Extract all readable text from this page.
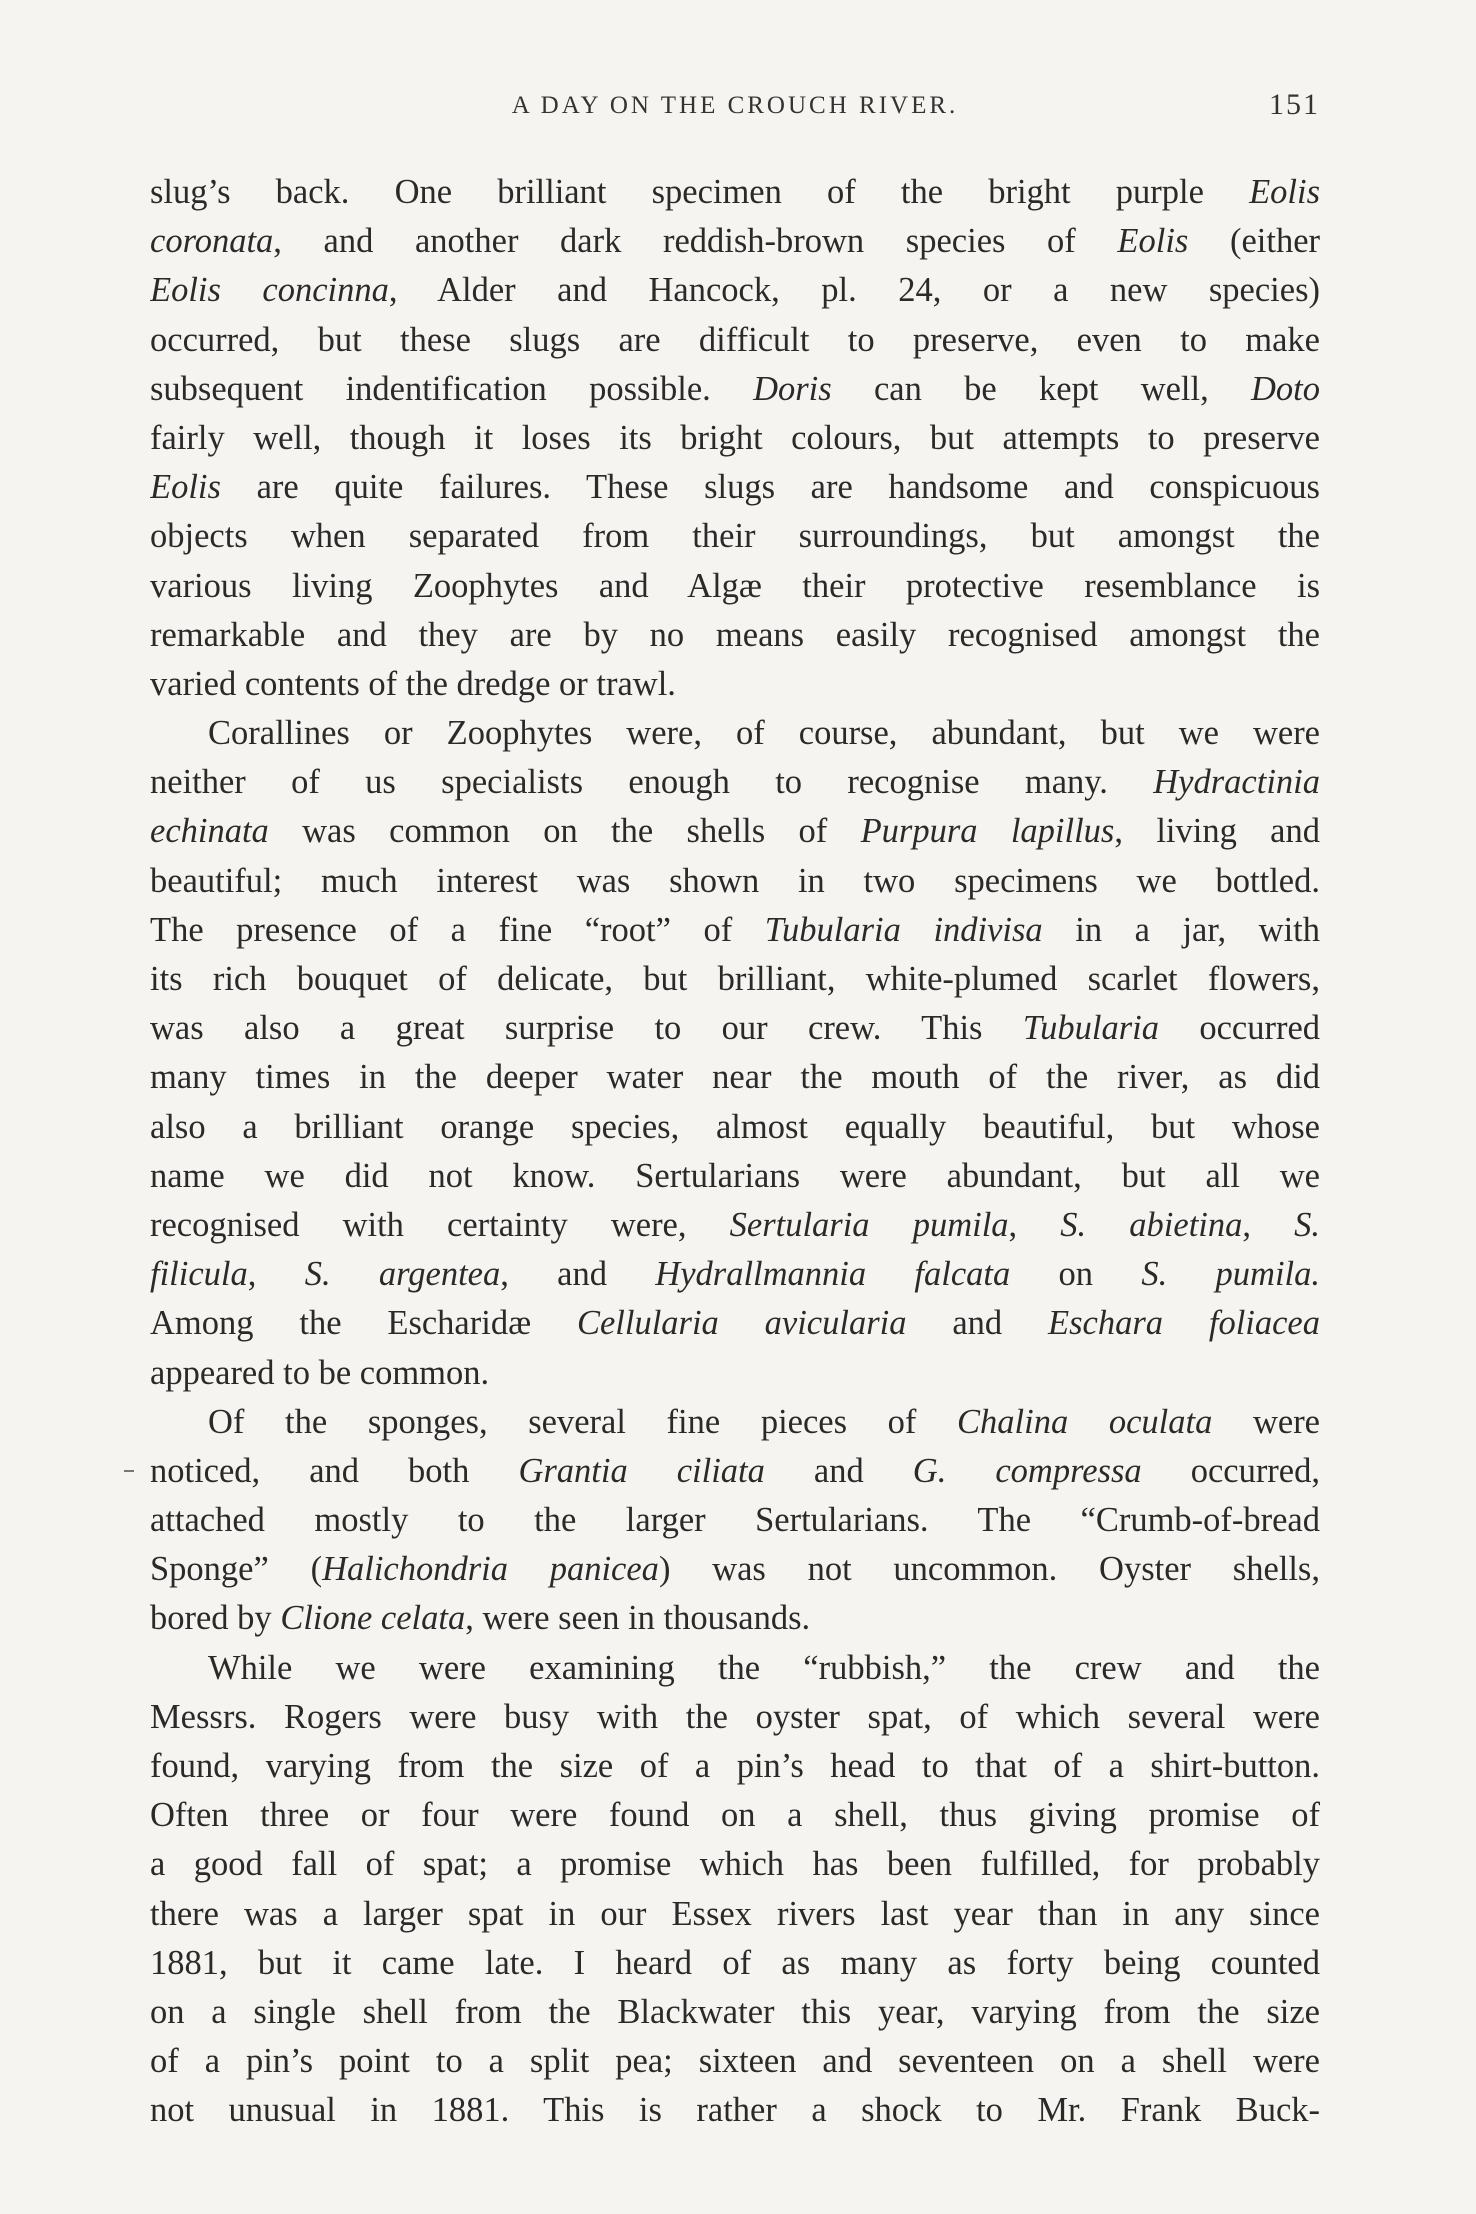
A DAY ON THE CROUCH RIVER.	151
slug’s back. One brilliant specimen of the bright purple Eolis
coronata, and another dark reddish-brown species of Eolis (either
Eolis concinna, Alder and Hancock, pl. 24, or a new species)
occurred, but these slugs are difficult to preserve, even to make
subsequent indentification possible. Doris can be kept well, Doto
fairly well, though it loses its bright colours, but attempts to preserve
Eolis are quite failures. These slugs are handsome and conspicuous
objects when separated from their surroundings, but amongst the
various living Zoophytes and Algæ their protective resemblance is
remarkable and they are by no means easily recognised amongst the
varied contents of the dredge or trawl.
Corallines or Zoophytes were, of course, abundant, but we were
neither of us specialists enough to recognise many. Hydractinia
echinata was common on the shells of Purpura lapillus, living and
beautiful; much interest was shown in two specimens we bottled.
The presence of a fine “root” of Tubularia indivisa in a jar, with
its rich bouquet of delicate, but brilliant, white-plumed scarlet flowers,
was also a great surprise to our crew. This Tubularia occurred
many times in the deeper water near the mouth of the river, as did
also a brilliant orange species, almost equally beautiful, but whose
name we did not know. Sertularians were abundant, but all we
recognised with certainty were, Sertularia pumila, S. abietina, S.
filicula, S. argentea, and Hydrallmannia falcata on S. pumila.
Among the Escharidæ Cellularia avicularia and Eschara foliacea
appeared to be common.
Of the sponges, several fine pieces of Chalina oculata were
noticed, and both Grantia ciliata and G. compressa occurred,
attached mostly to the larger Sertularians. The “Crumb-of-bread
Sponge” (Halichondria panicea) was not uncommon. Oyster shells,
bored by Clione celata, were seen in thousands.
While we were examining the “rubbish,” the crew and the
Messrs. Rogers were busy with the oyster spat, of which several were
found, varying from the size of a pin’s head to that of a shirt-button.
Often three or four were found on a shell, thus giving promise of
a good fall of spat; a promise which has been fulfilled, for probably
there was a larger spat in our Essex rivers last year than in any since
1881, but it came late. I heard of as many as forty being counted
on a single shell from the Blackwater this year, varying from the size
of a pin’s point to a split pea; sixteen and seventeen on a shell were
not unusual in 1881. This is rather a shock to Mr. Frank Buck-
